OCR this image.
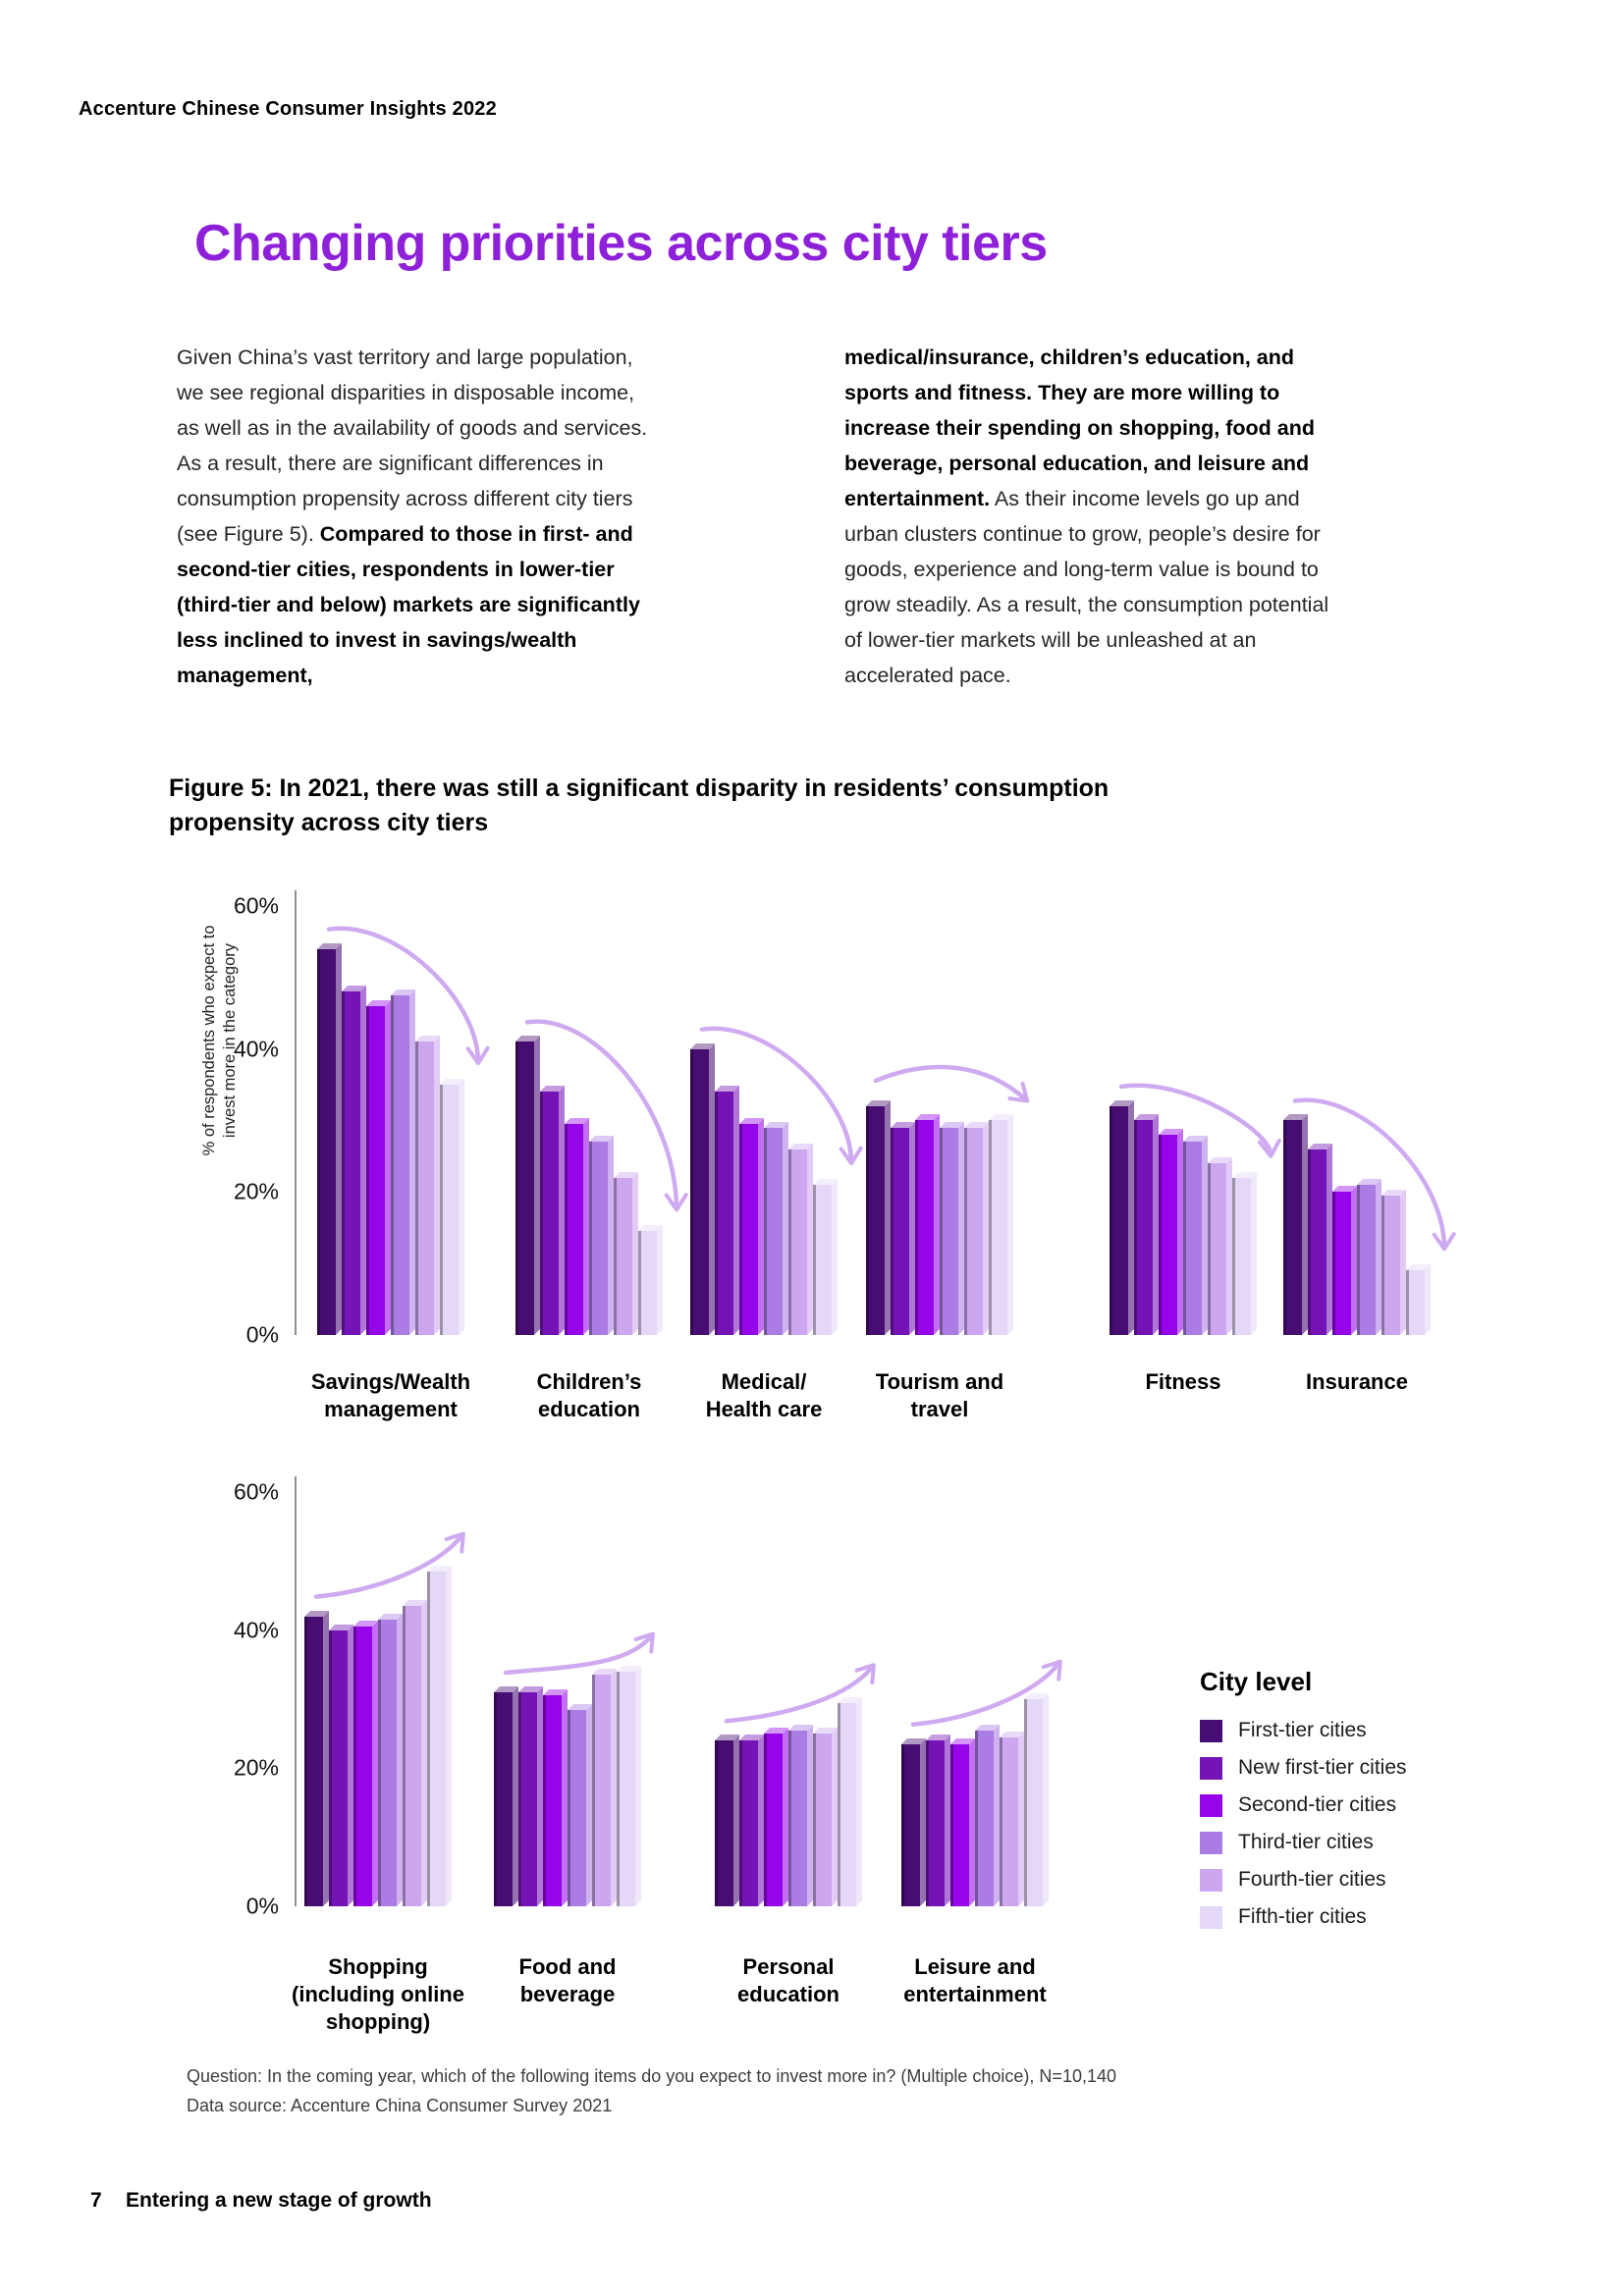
Accenture Chinese Consumer Insights 2022
Changing priorities across city tiers
Given China’s vast territory and large population, we see regional disparities in disposable income, as well as in the availability of goods and services. As a result, there are significant differences in consumption propensity across different city tiers (see Figure 5). Compared to those in first- and second-tier cities, respondents in lower-tier (third-tier and below) markets are significantly less inclined to invest in savings/wealth management,
medical/insurance, children’s education, and sports and fitness. They are more willing to increase their spending on shopping, food and beverage, personal education, and leisure and entertainment. As their income levels go up and urban clusters continue to grow, people’s desire for goods, experience and long-term value is bound to grow steadily. As a result, the consumption potential of lower-tier markets will be unleashed at an accelerated pace.
Figure 5: In 2021, there was still a significant disparity in residents’ consumption
propensity across city tiers
% of respondents who expect to invest more in the category
0%
20%
40%
60%
Savings/Wealth
management
Children’s
education
Medical/
Health care
Tourism and
travel
Fitness	Insurance
0%
20%
40%
60%
Shopping
(including online
shopping)
Food and
beverage
Personal
education
Leisure and
entertainment
City level
First-tier cities
New first-tier cities
Second-tier cities
Third-tier cities
Fourth-tier cities
Fifth-tier cities
Question: In the coming year, which of the following items do you expect to invest more in? (Multiple choice), N=10,140
Data source: Accenture China Consumer Survey 2021
7 Entering a new stage of growth
